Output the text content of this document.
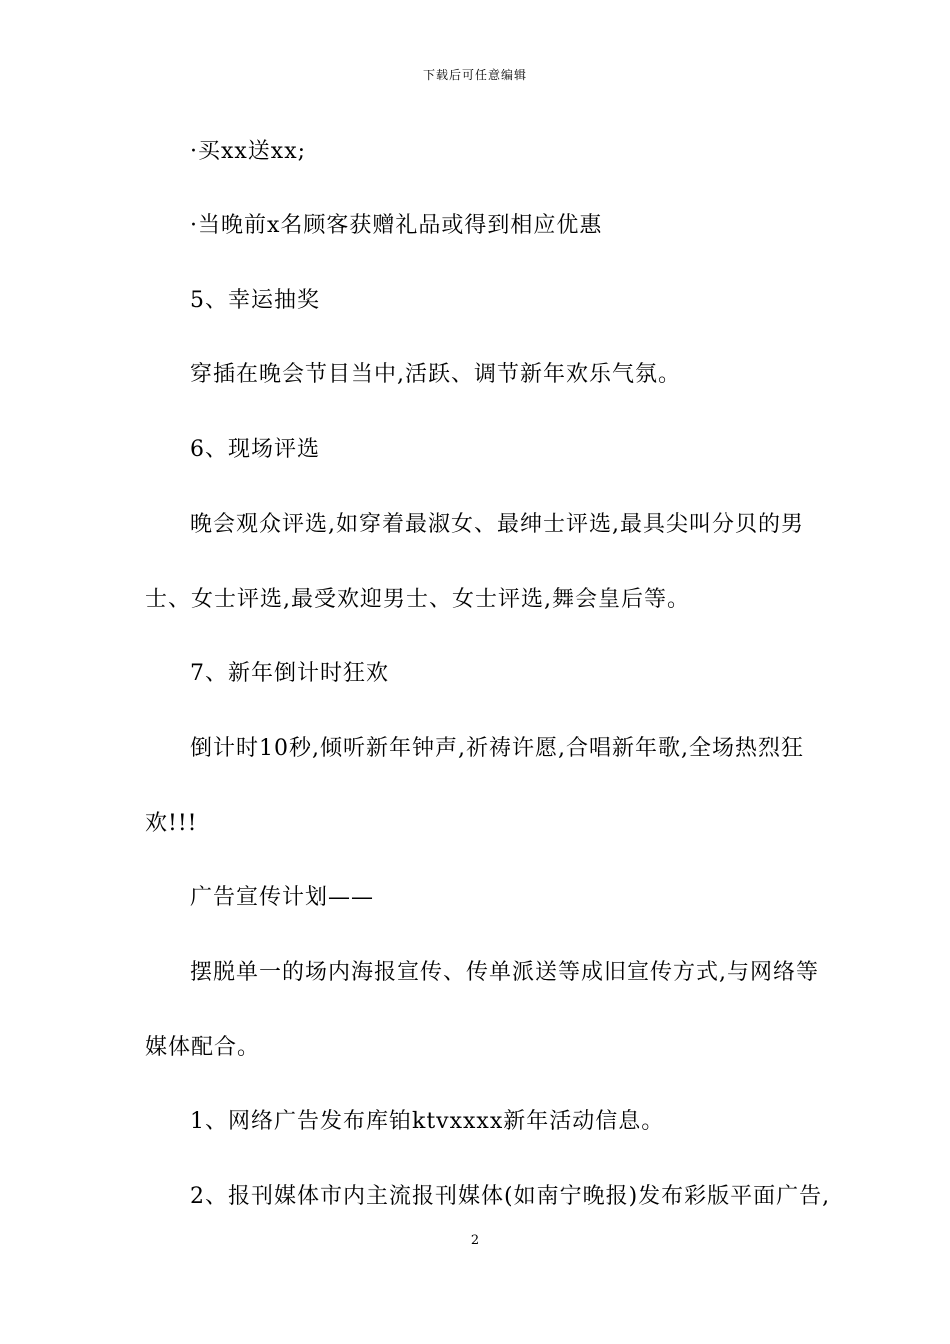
下载后可任意编辑
·买xx送xx;
·当晚前x名顾客获赠礼品或得到相应优惠
5、幸运抽奖
穿插在晚会节目当中,活跃、调节新年欢乐气氛。
6、现场评选
晚会观众评选,如穿着最淑女、最绅士评选,最具尖叫分贝的男
士、女士评选,最受欢迎男士、女士评选,舞会皇后等。
7、新年倒计时狂欢
倒计时10秒,倾听新年钟声,祈祷许愿,合唱新年歌,全场热烈狂
欢!!!
广告宣传计划——
摆脱单一的场内海报宣传、传单派送等成旧宣传方式,与网络等
媒体配合。
1、网络广告发布库铂ktvxxxx新年活动信息。
2、报刊媒体市内主流报刊媒体(如南宁晚报)发布彩版平面广告,
2
